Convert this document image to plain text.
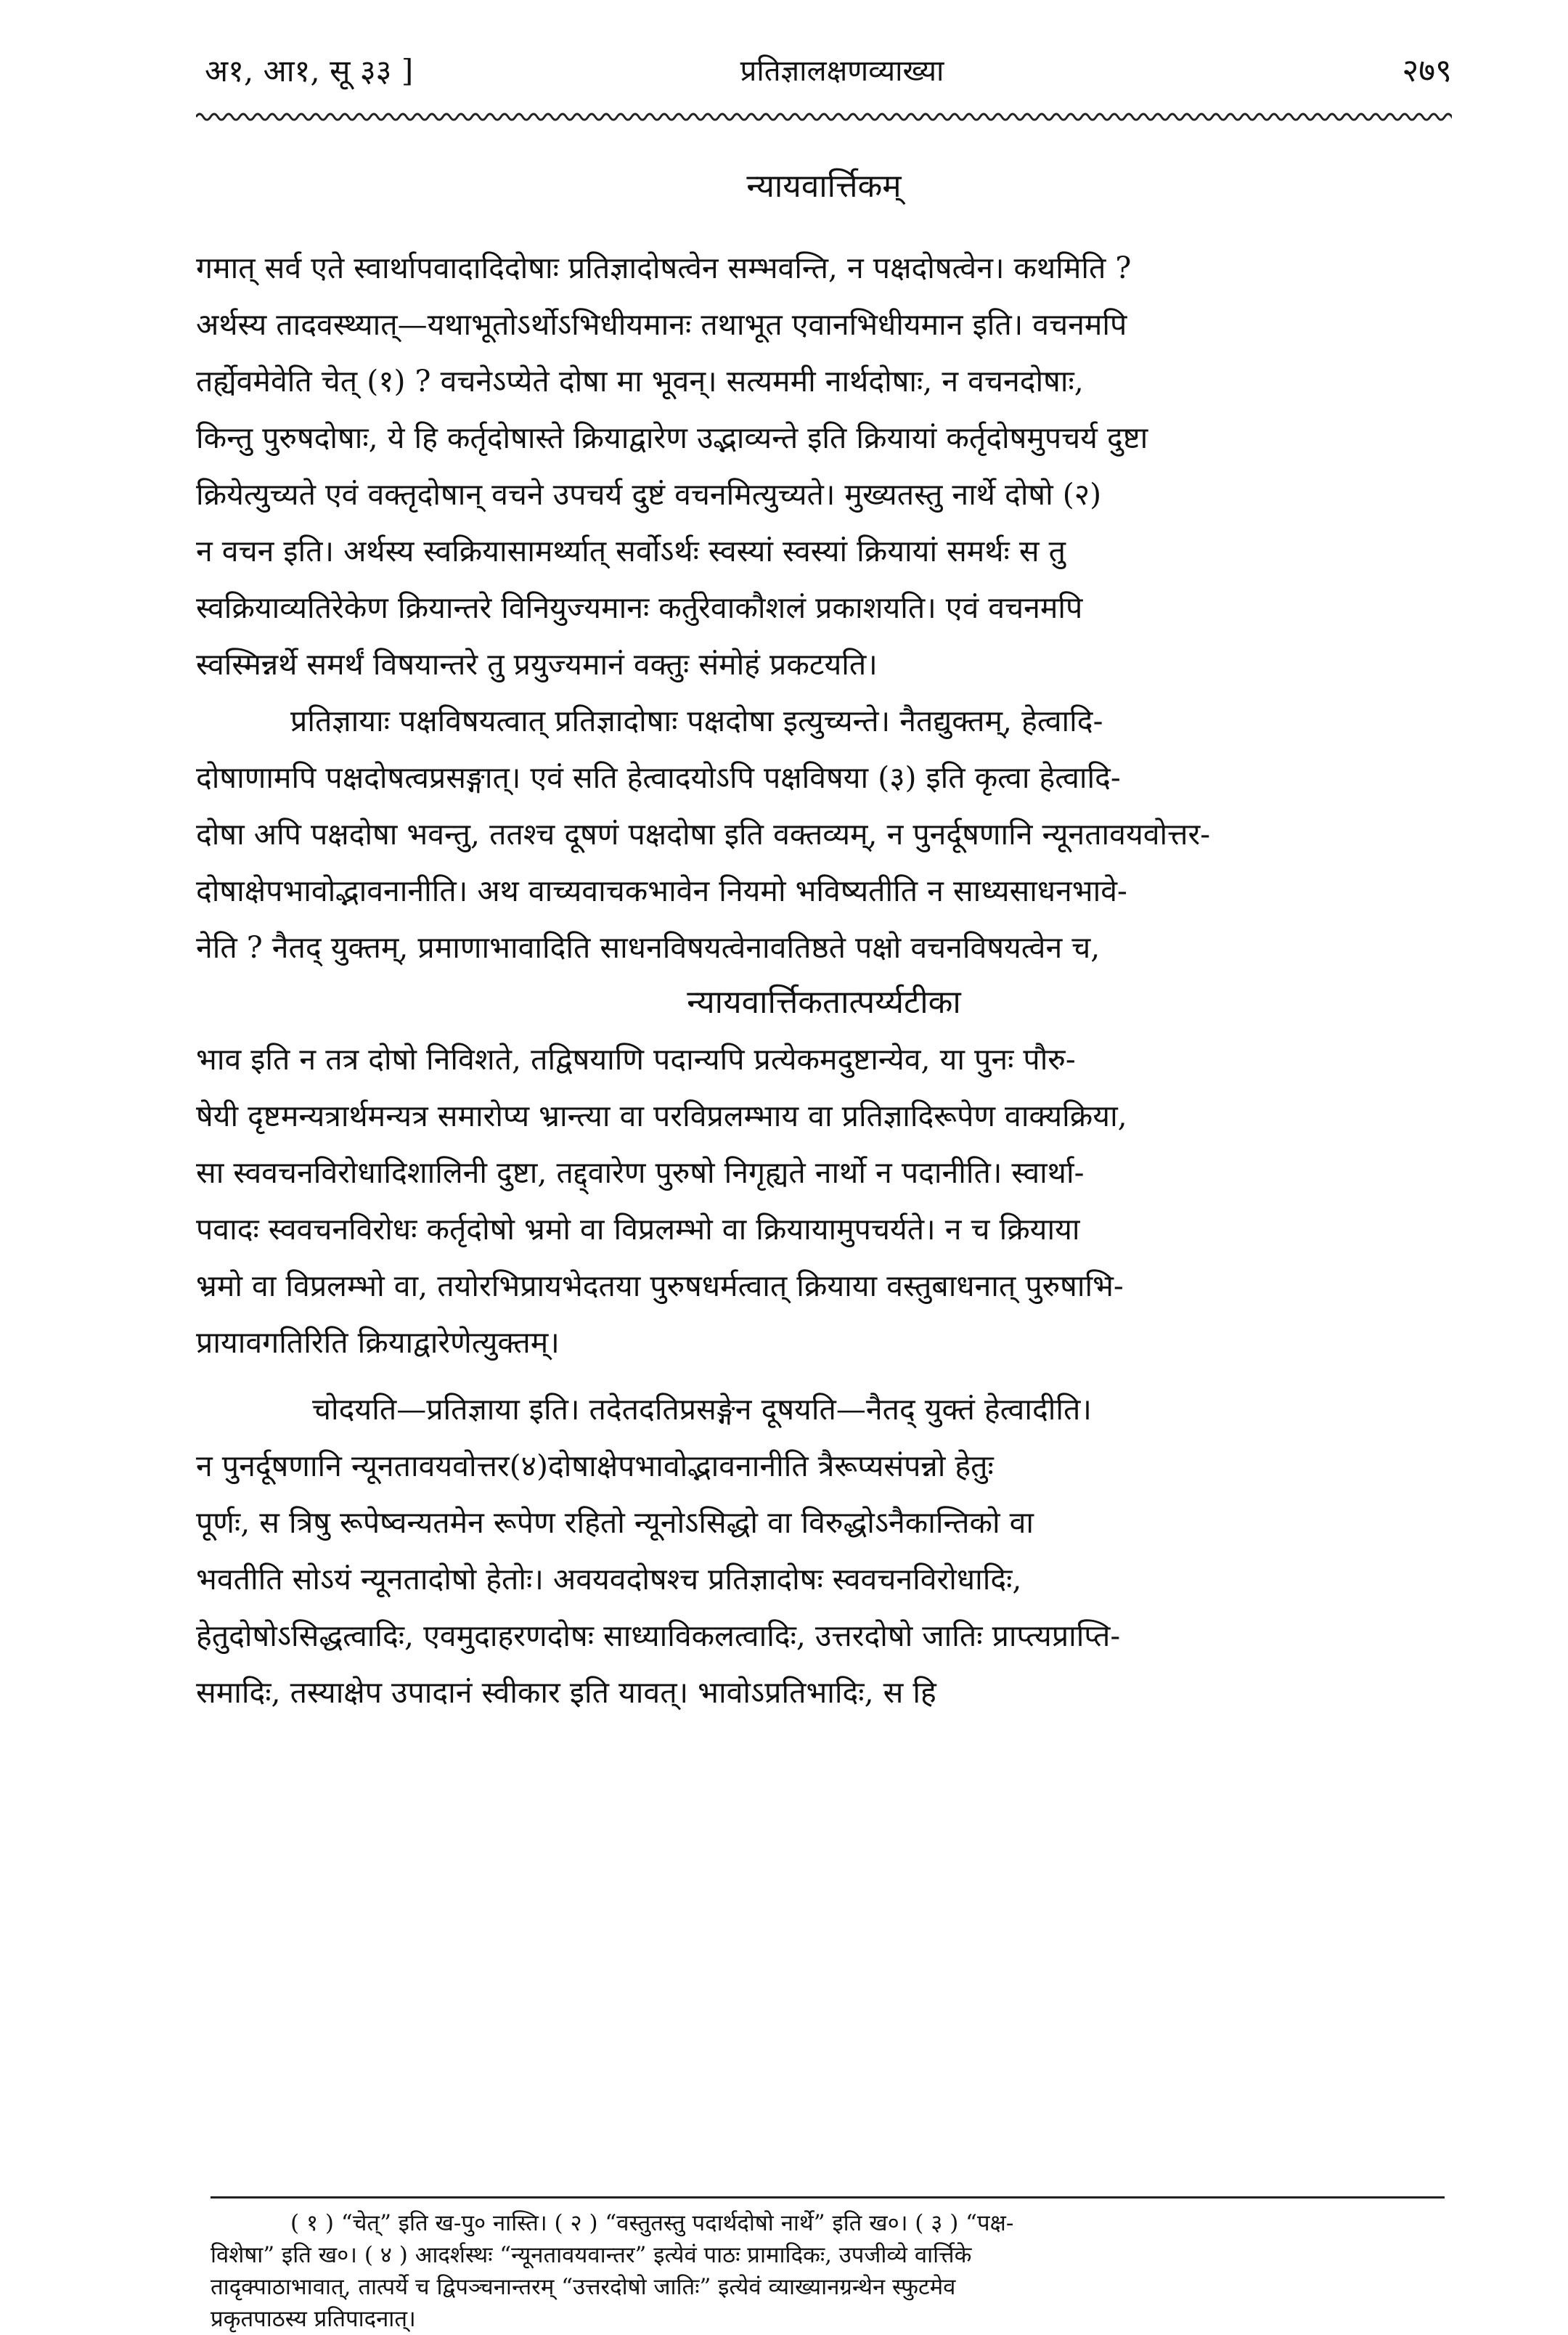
अ१, आ१, सू ३३ ]	प्रतिज्ञालक्षणव्याख्या	२७९
न्यायवार्त्तिकम्
गमात् सर्व एते स्वार्थापवादादिदोषाः प्रतिज्ञादोषत्वेन सम्भवन्ति, न पक्षदोषत्वेन। कथमिति ?
अर्थस्य तादवस्थ्यात्—यथाभूतोऽर्थोऽभिधीयमानः तथाभूत एवानभिधीयमान इति। वचनमपि
तर्ह्येवमेवेति चेत् (१) ? वचनेऽप्येते दोषा मा भूवन्। सत्यममी नार्थदोषाः, न वचनदोषाः,
किन्तु पुरुषदोषाः, ये हि कर्तृदोषास्ते क्रियाद्वारेण उद्भाव्यन्ते इति क्रियायां कर्तृदोषमुपचर्य दुष्टा
क्रियेत्युच्यते एवं वक्तृदोषान् वचने उपचर्य दुष्टं वचनमित्युच्यते। मुख्यतस्तु नार्थे दोषो (२)
न वचन इति। अर्थस्य स्वक्रियासामर्थ्यात् सर्वोऽर्थः स्वस्यां स्वस्यां क्रियायां समर्थः स तु
स्वक्रियाव्यतिरेकेण क्रियान्तरे विनियुज्यमानः कर्तुरेवाकौशलं प्रकाशयति। एवं वचनमपि
स्वस्मिन्नर्थे समर्थं विषयान्तरे तु प्रयुज्यमानं वक्तुः संमोहं प्रकटयति।
प्रतिज्ञायाः पक्षविषयत्वात् प्रतिज्ञादोषाः पक्षदोषा इत्युच्यन्ते। नैतद्युक्तम्, हेत्वादि-
दोषाणामपि पक्षदोषत्वप्रसङ्गात्। एवं सति हेत्वादयोऽपि पक्षविषया (३) इति कृत्वा हेत्वादि-
दोषा अपि पक्षदोषा भवन्तु, ततश्च दूषणं पक्षदोषा इति वक्तव्यम्, न पुनर्दूषणानि न्यूनतावयवोत्तर-
दोषाक्षेपभावोद्भावनानीति। अथ वाच्यवाचकभावेन नियमो भविष्यतीति न साध्यसाधनभावे-
नेति ? नैतद् युक्तम्, प्रमाणाभावादिति साधनविषयत्वेनावतिष्ठते पक्षो वचनविषयत्वेन च,
न्यायवार्त्तिकतात्पर्य्यटीका
भाव इति न तत्र दोषो निविशते, तद्विषयाणि पदान्यपि प्रत्येकमदुष्टान्येव, या पुनः पौरु-
षेयी दृष्टमन्यत्रार्थमन्यत्र समारोप्य भ्रान्त्या वा परविप्रलम्भाय वा प्रतिज्ञादिरूपेण वाक्यक्रिया,
सा स्ववचनविरोधादिशालिनी दुष्टा, तद्द्वारेण पुरुषो निगृह्यते नार्थो न पदानीति। स्वार्था-
पवादः स्ववचनविरोधः कर्तृदोषो भ्रमो वा विप्रलम्भो वा क्रियायामुपचर्यते। न च क्रियाया
भ्रमो वा विप्रलम्भो वा, तयोरभिप्रायभेदतया पुरुषधर्मत्वात् क्रियाया वस्तुबाधनात् पुरुषाभि-
प्रायावगतिरिति क्रियाद्वारेणेत्युक्तम्।
चोदयति—प्रतिज्ञाया इति। तदेतदतिप्रसङ्गेन दूषयति—नैतद् युक्तं हेत्वादीति।
न पुनर्दूषणानि न्यूनतावयवोत्तर(४)दोषाक्षेपभावोद्भावनानीति त्रैरूप्यसंपन्नो हेतुः
पूर्णः, स त्रिषु रूपेष्वन्यतमेन रूपेण रहितो न्यूनोऽसिद्धो वा विरुद्धोऽनैकान्तिको वा
भवतीति सोऽयं न्यूनतादोषो हेतोः। अवयवदोषश्च प्रतिज्ञादोषः स्ववचनविरोधादिः,
हेतुदोषोऽसिद्धत्वादिः, एवमुदाहरणदोषः साध्याविकलत्वादिः, उत्तरदोषो जातिः प्राप्त्यप्राप्ति-
समादिः, तस्याक्षेप उपादानं स्वीकार इति यावत्। भावोऽप्रतिभादिः, स हि
( १ ) “चेत्” इति ख-पु० नास्ति। ( २ ) “वस्तुतस्तु पदार्थदोषो नार्थे” इति ख०। ( ३ ) “पक्ष-
विशेषा” इति ख०। ( ४ ) आदर्शस्थः “न्यूनतावयवान्तर” इत्येवं पाठः प्रामादिकः, उपजीव्ये वार्त्तिके
तादृक्पाठाभावात्, तात्पर्ये च द्विपञ्चनान्तरम् “उत्तरदोषो जातिः” इत्येवं व्याख्यानग्रन्थेन स्फुटमेव
प्रकृतपाठस्य प्रतिपादनात्।
